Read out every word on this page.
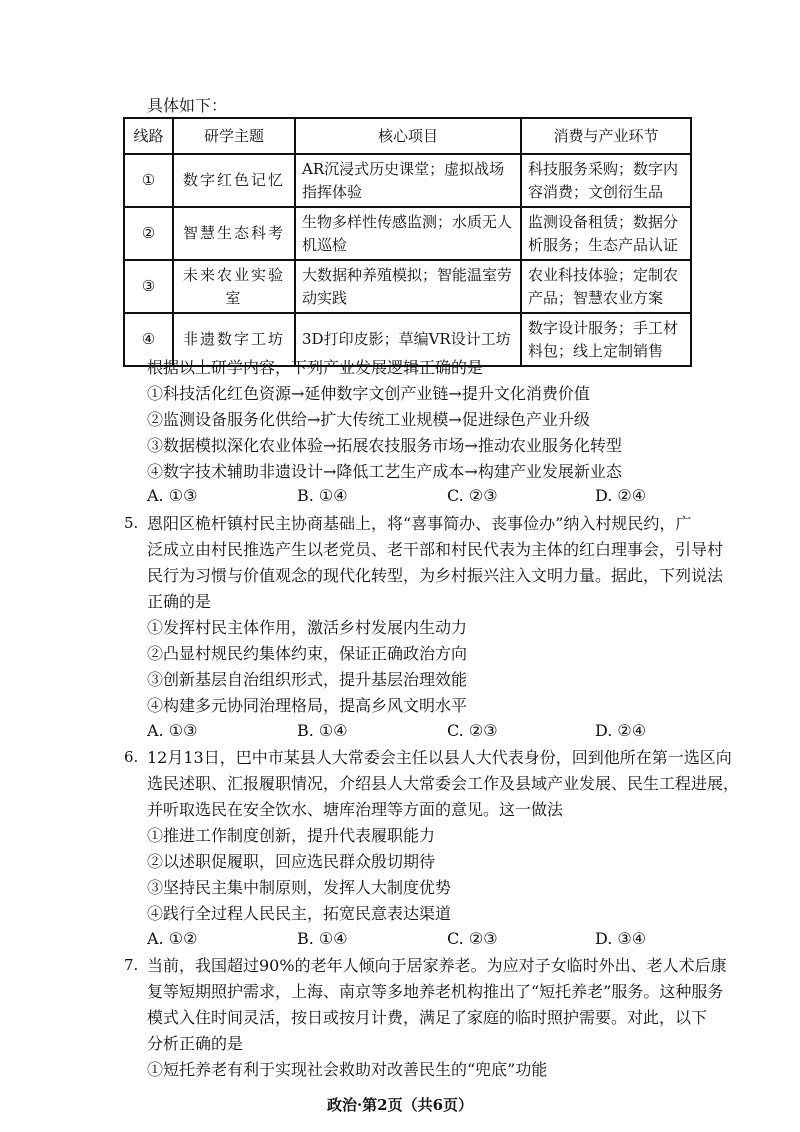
具体如下：
线路	研学主题	核心项目	消费与产业环节
①	数字红色记忆	AR沉浸式历史课堂；虚拟战场指挥体验	科技服务采购；数字内容消费；文创衍生品
②	智慧生态科考	生物多样性传感监测；水质无人机巡检	监测设备租赁；数据分析服务；生态产品认证
③	未来农业实验室	大数据种养殖模拟；智能温室劳动实践	农业科技体验；定制农产品；智慧农业方案
④	非遗数字工坊	3D打印皮影；草编VR设计工坊	数字设计服务；手工材料包；线上定制销售
根据以上研学内容，下列产业发展逻辑正确的是
①科技活化红色资源→延伸数字文创产业链→提升文化消费价值
②监测设备服务化供给→扩大传统工业规模→促进绿色产业升级
③数据模拟深化农业体验→拓展农技服务市场→推动农业服务化转型
④数字技术辅助非遗设计→降低工艺生产成本→构建产业发展新业态
A. ①③	B. ①④	C. ②③	D. ②④
5. 恩阳区桅杆镇村民主协商基础上，将“喜事简办、丧事俭办”纳入村规民约，广
泛成立由村民推选产生以老党员、老干部和村民代表为主体的红白理事会，引导村
民行为习惯与价值观念的现代化转型，为乡村振兴注入文明力量。据此，下列说法
正确的是
①发挥村民主体作用，激活乡村发展内生动力
②凸显村规民约集体约束，保证正确政治方向
③创新基层自治组织形式，提升基层治理效能
④构建多元协同治理格局，提高乡风文明水平
A. ①③	B. ①④	C. ②③	D. ②④
6. 12月13日，巴中市某县人大常委会主任以县人大代表身份，回到他所在第一选区向
选民述职、汇报履职情况，介绍县人大常委会工作及县域产业发展、民生工程进展，
并听取选民在安全饮水、塘库治理等方面的意见。这一做法
①推进工作制度创新，提升代表履职能力
②以述职促履职，回应选民群众殷切期待
③坚持民主集中制原则，发挥人大制度优势
④践行全过程人民民主，拓宽民意表达渠道
A. ①②	B. ①④	C. ②③	D. ③④
7. 当前，我国超过90%的老年人倾向于居家养老。为应对子女临时外出、老人术后康
复等短期照护需求，上海、南京等多地养老机构推出了“短托养老”服务。这种服务
模式入住时间灵活，按日或按月计费，满足了家庭的临时照护需要。对此，以下
分析正确的是
①短托养老有利于实现社会救助对改善民生的“兜底”功能
政治·第2页（共6页）
